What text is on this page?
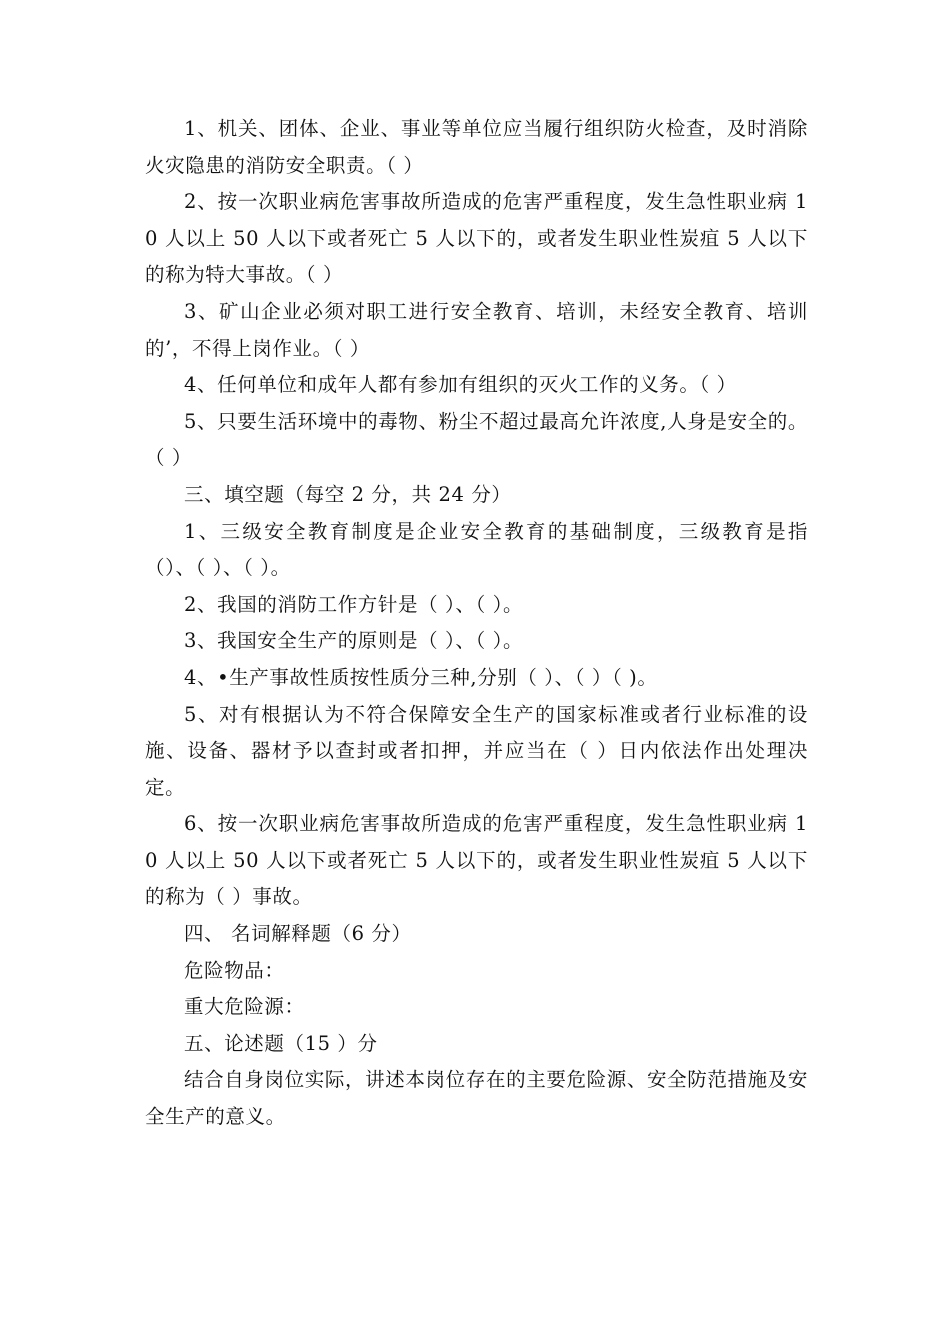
1、机关、团体、企业、事业等单位应当履行组织防火检查，及时消除火灾隐患的消防安全职责。（ ）

2、按一次职业病危害事故所造成的危害严重程度，发生急性职业病 10 人以上 50 人以下或者死亡 5 人以下的，或者发生职业性炭疽 5 人以下的称为特大事故。（ ）

3、矿山企业必须对职工进行安全教育、培训，未经安全教育、培训的’，不得上岗作业。（ ）

4、任何单位和成年人都有参加有组织的灭火工作的义务。（ ）

5、只要生活环境中的毒物、粉尘不超过最高允许浓度,人身是安全的。（ ）

三、填空题（每空 2 分，共 24 分）

1、三级安全教育制度是企业安全教育的基础制度，三级教育是指（）、（ ）、（ ）。

2、我国的消防工作方针是（ ）、（ ）。

3、我国安全生产的原则是（ ）、（ ）。

4、•生产事故性质按性质分三种,分别（ ）、（ ）（ )。

5、对有根据认为不符合保障安全生产的国家标准或者行业标准的设施、设备、器材予以查封或者扣押，并应当在（ ）日内依法作出处理决定。

6、按一次职业病危害事故所造成的危害严重程度，发生急性职业病 10 人以上 50 人以下或者死亡 5 人以下的，或者发生职业性炭疽 5 人以下的称为（ ）事故。

四、 名词解释题（6 分）

危险物品：

重大危险源：

五、论述题（15 ）分

结合自身岗位实际，讲述本岗位存在的主要危险源、安全防范措施及安全生产的意义。
